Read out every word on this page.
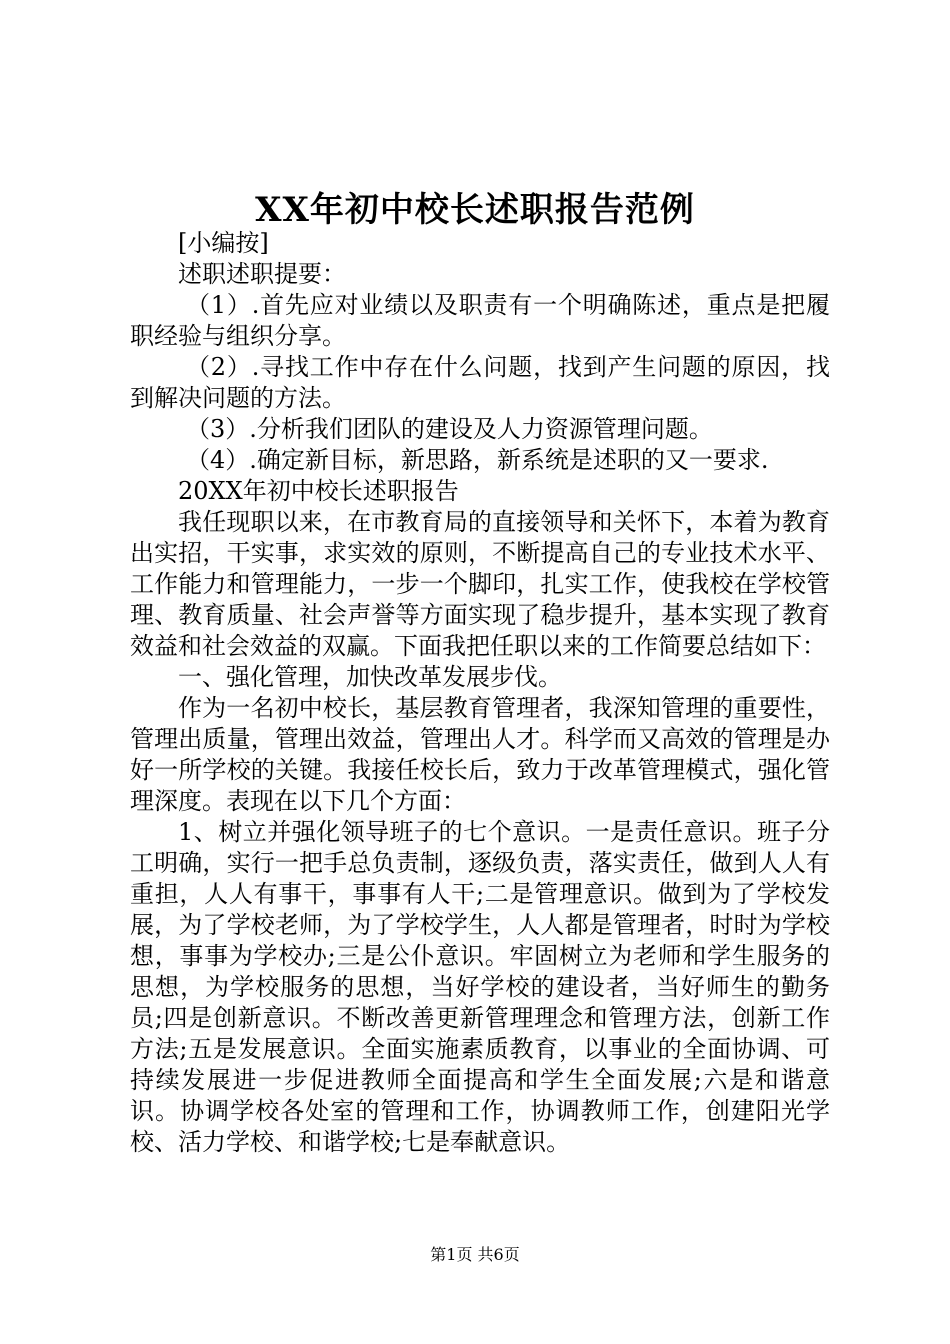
XX年初中校长述职报告范例

[小编按]

述职述职提要：

（1）.首先应对业绩以及职责有一个明确陈述，重点是把履职经验与组织分享。

（2）.寻找工作中存在什么问题，找到产生问题的原因，找到解决问题的方法。

（3）.分析我们团队的建设及人力资源管理问题。

（4）.确定新目标，新思路，新系统是述职的又一要求.

20XX年初中校长述职报告

我任现职以来，在市教育局的直接领导和关怀下，本着为教育出实招，干实事，求实效的原则，不断提高自己的专业技术水平、工作能力和管理能力，一步一个脚印，扎实工作，使我校在学校管理、教育质量、社会声誉等方面实现了稳步提升，基本实现了教育效益和社会效益的双赢。下面我把任职以来的工作简要总结如下：

一、强化管理，加快改革发展步伐。

作为一名初中校长，基层教育管理者，我深知管理的重要性，管理出质量，管理出效益，管理出人才。科学而又高效的管理是办好一所学校的关键。我接任校长后，致力于改革管理模式，强化管理深度。表现在以下几个方面：

1、树立并强化领导班子的七个意识。一是责任意识。班子分工明确，实行一把手总负责制，逐级负责，落实责任，做到人人有重担，人人有事干，事事有人干;二是管理意识。做到为了学校发展，为了学校老师，为了学校学生，人人都是管理者，时时为学校想，事事为学校办;三是公仆意识。牢固树立为老师和学生服务的思想，为学校服务的思想，当好学校的建设者，当好师生的勤务员;四是创新意识。不断改善更新管理理念和管理方法，创新工作方法;五是发展意识。全面实施素质教育，以事业的全面协调、可持续发展进一步促进教师全面提高和学生全面发展;六是和谐意识。协调学校各处室的管理和工作，协调教师工作，创建阳光学校、活力学校、和谐学校;七是奉献意识。

第1页 共6页
